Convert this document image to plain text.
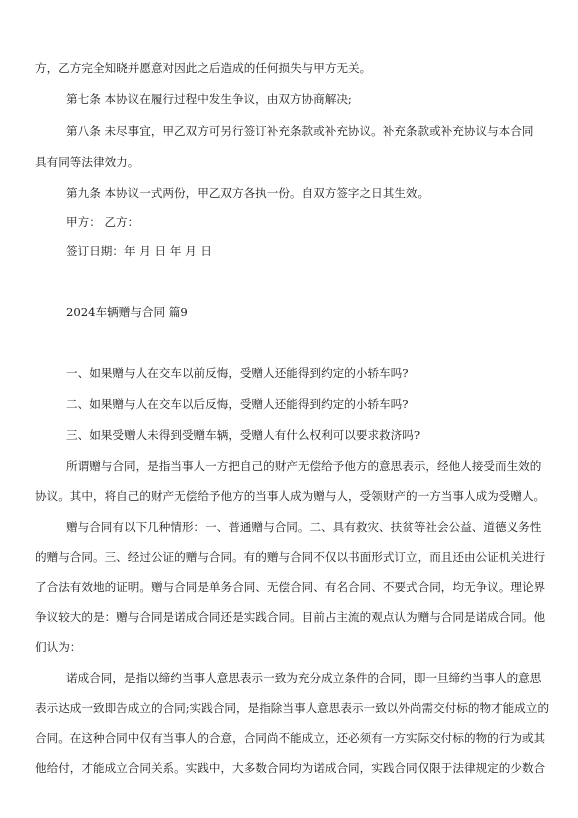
方，乙方完全知晓并愿意对因此之后造成的任何损失与甲方无关。
第七条 本协议在履行过程中发生争议，由双方协商解决;
第八条 未尽事宜，甲乙双方可另行签订补充条款或补充协议。补充条款或补充协议与本合同
具有同等法律效力。
第九条 本协议一式两份，甲乙双方各执一份。自双方签字之日其生效。
甲方： 乙方：
签订日期：年 月 日 年 月 日
2024车辆赠与合同 篇9
一、如果赠与人在交车以前反悔，受赠人还能得到约定的小轿车吗?
二、如果赠与人在交车以后反悔，受赠人还能得到约定的小轿车吗?
三、如果受赠人未得到受赠车辆，受赠人有什么权利可以要求救济吗?
所谓赠与合同，是指当事人一方把自己的财产无偿给予他方的意思表示，经他人接受而生效的
协议。其中，将自己的财产无偿给予他方的当事人成为赠与人，受领财产的一方当事人成为受赠人。
赠与合同有以下几种情形：一、普通赠与合同。二、具有救灾、扶贫等社会公益、道德义务性
的赠与合同。三、经过公证的赠与合同。有的赠与合同不仅以书面形式订立，而且还由公证机关进行
了合法有效地的证明。赠与合同是单务合同、无偿合同、有名合同、不要式合同，均无争议。理论界
争议较大的是：赠与合同是诺成合同还是实践合同。目前占主流的观点认为赠与合同是诺成合同。他
们认为：
诺成合同，是指以缔约当事人意思表示一致为充分成立条件的合同，即一旦缔约当事人的意思
表示达成一致即告成立的合同;实践合同，是指除当事人意思表示一致以外尚需交付标的物才能成立的
合同。在这种合同中仅有当事人的合意，合同尚不能成立，还必须有一方实际交付标的物的行为或其
他给付，才能成立合同关系。实践中，大多数合同均为诺成合同，实践合同仅限于法律规定的少数合
